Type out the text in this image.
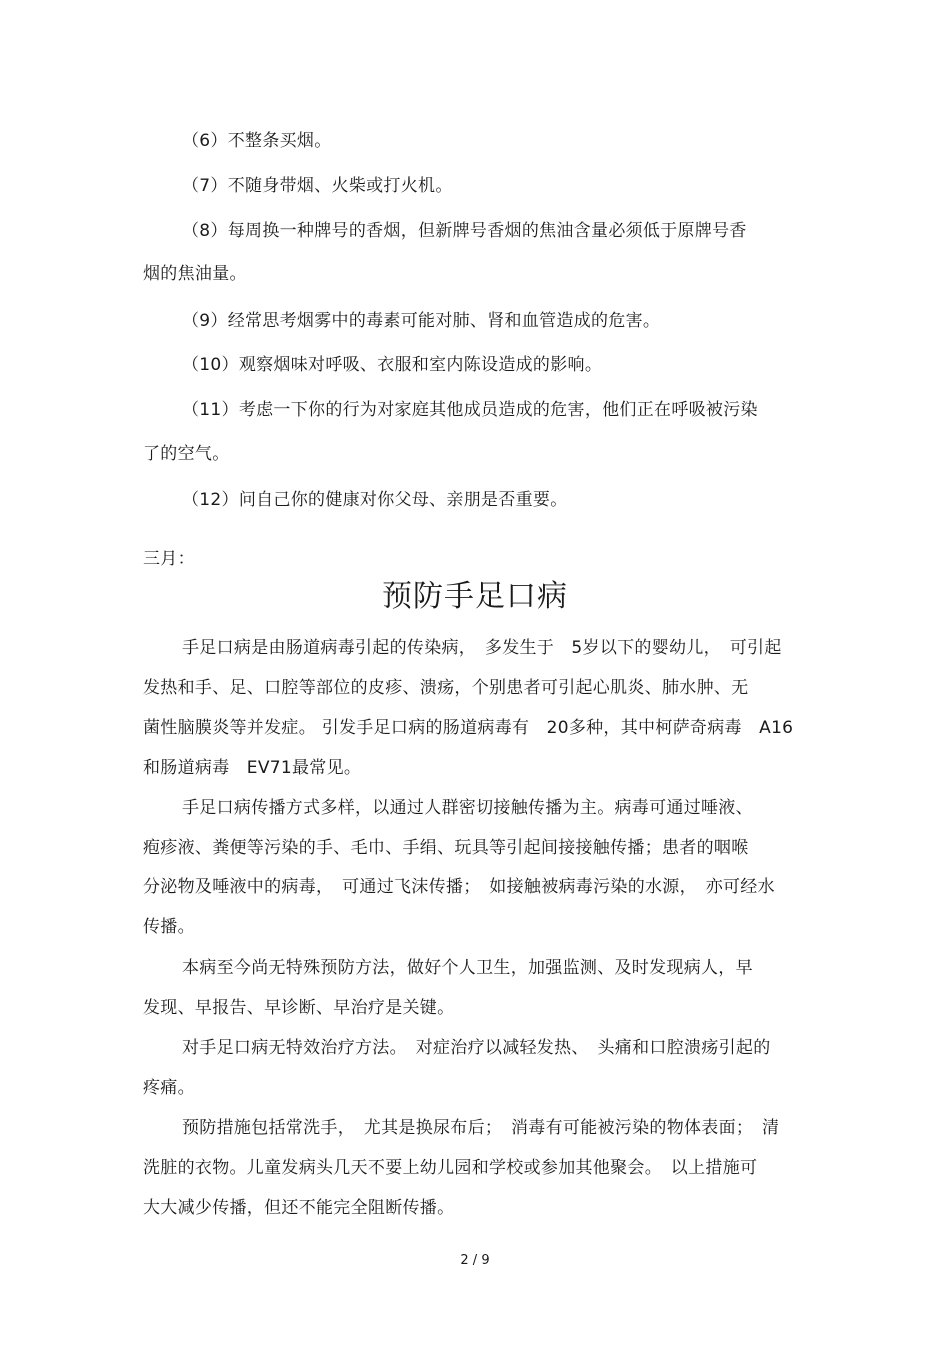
（6）不整条买烟。
（7）不随身带烟、火柴或打火机。
（8）每周换一种牌号的香烟，但新牌号香烟的焦油含量必须低于原牌号香
烟的焦油量。
（9）经常思考烟雾中的毒素可能对肺、肾和血管造成的危害。
（10）观察烟味对呼吸、衣服和室内陈设造成的影响。
（11）考虑一下你的行为对家庭其他成员造成的危害，他们正在呼吸被污染
了的空气。
（12）问自己你的健康对你父母、亲朋是否重要。
三月：
预防手足口病
手足口病是由肠道病毒引起的传染病，　多发生于　5岁以下的婴幼儿，　可引起
发热和手、足、口腔等部位的皮疹、溃疡，个别患者可引起心肌炎、肺水肿、无
菌性脑膜炎等并发症。 引发手足口病的肠道病毒有　20多种，其中柯萨奇病毒　A16
和肠道病毒　EV71最常见。
手足口病传播方式多样，以通过人群密切接触传播为主。病毒可通过唾液、
疱疹液、粪便等污染的手、毛巾、手绢、玩具等引起间接接触传播；患者的咽喉
分泌物及唾液中的病毒，　可通过飞沫传播；　如接触被病毒污染的水源，　亦可经水
传播。
本病至今尚无特殊预防方法，做好个人卫生，加强监测、及时发现病人，早
发现、早报告、早诊断、早治疗是关键。
对手足口病无特效治疗方法。　对症治疗以减轻发热、　头痛和口腔溃疡引起的
疼痛。
预防措施包括常洗手，　尤其是换尿布后；　消毒有可能被污染的物体表面；　清
洗脏的衣物。儿童发病头几天不要上幼儿园和学校或参加其他聚会。　以上措施可
大大减少传播，但还不能完全阻断传播。
2 / 9
